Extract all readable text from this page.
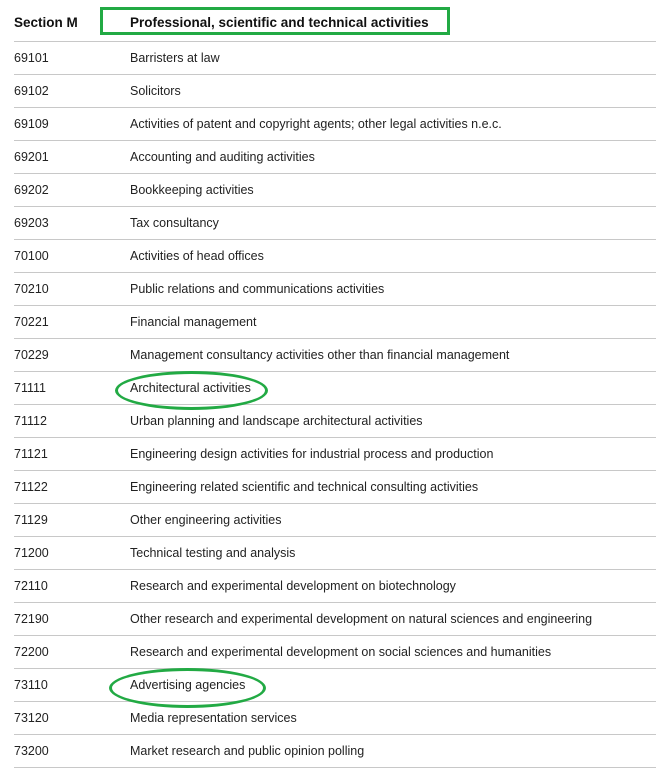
Section M	Professional, scientific and technical activities
69101	Barristers at law
69102	Solicitors
69109	Activities of patent and copyright agents; other legal activities n.e.c.
69201	Accounting and auditing activities
69202	Bookkeeping activities
69203	Tax consultancy
70100	Activities of head offices
70210	Public relations and communications activities
70221	Financial management
70229	Management consultancy activities other than financial management
71111	Architectural activities
71112	Urban planning and landscape architectural activities
71121	Engineering design activities for industrial process and production
71122	Engineering related scientific and technical consulting activities
71129	Other engineering activities
71200	Technical testing and analysis
72110	Research and experimental development on biotechnology
72190	Other research and experimental development on natural sciences and engineering
72200	Research and experimental development on social sciences and humanities
73110	Advertising agencies
73120	Media representation services
73200	Market research and public opinion polling
